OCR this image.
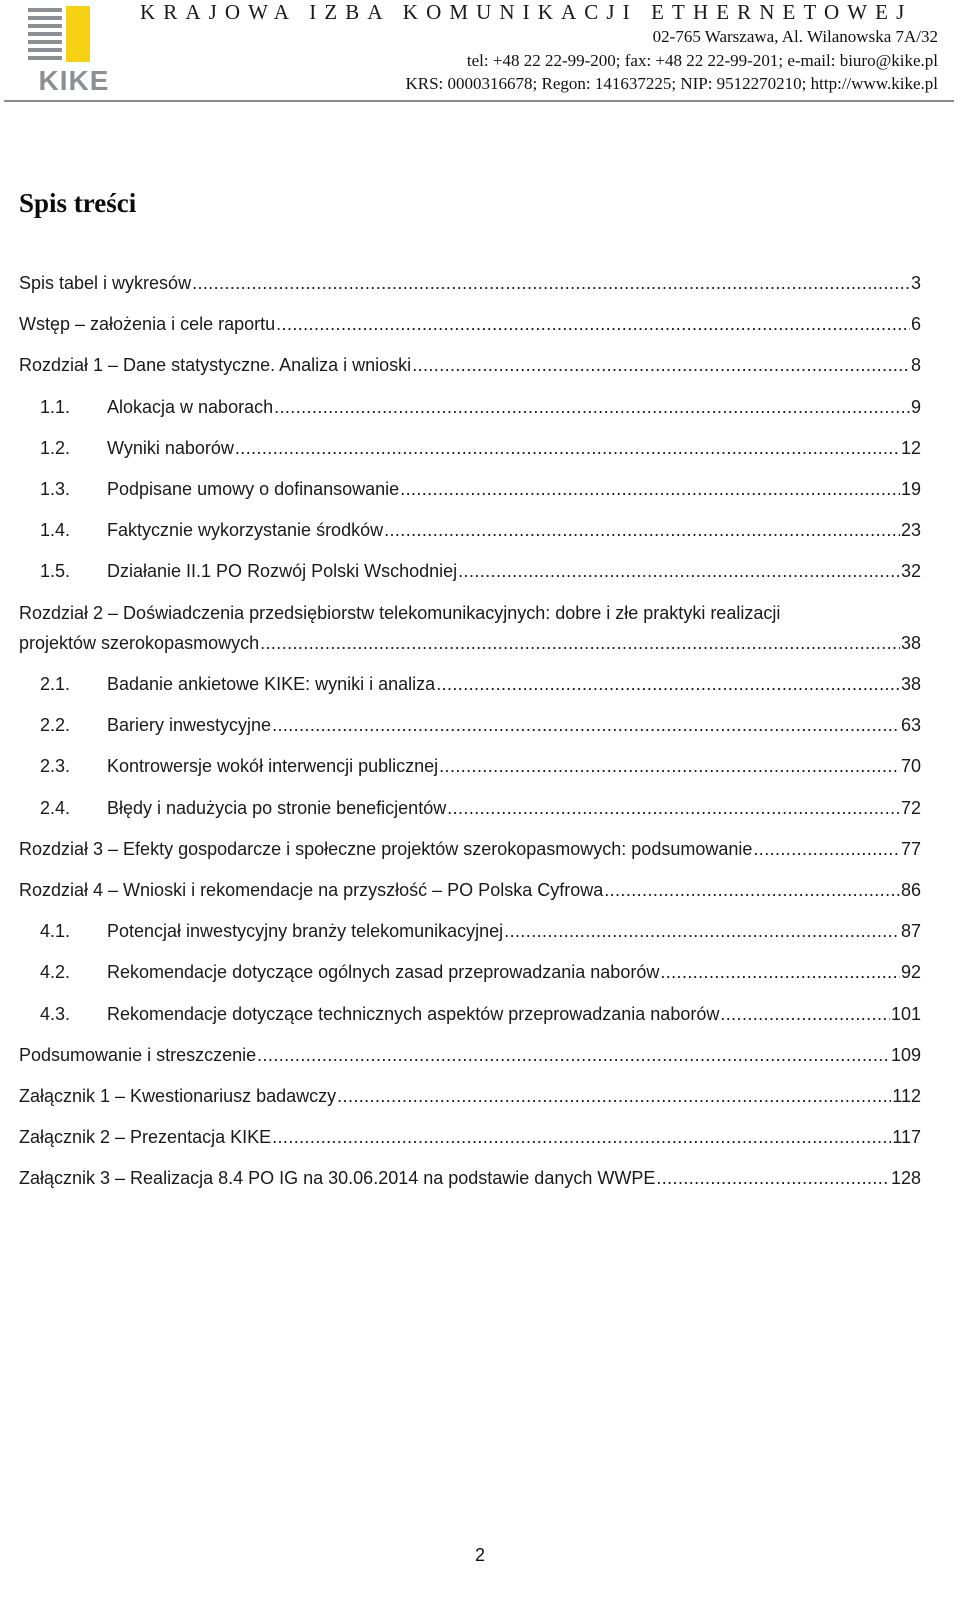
KIKE
KRAJOWA IZBA KOMUNIKACJI ETHERNETOWEJ
02-765 Warszawa, Al. Wilanowska 7A/32
tel: +48 22 22-99-200; fax: +48 22 22-99-201; e-mail: biuro@kike.pl
KRS: 0000316678; Regon: 141637225; NIP: 9512270210; http://www.kike.pl
Spis treści
Spis tabel i wykresów .....	3
Wstęp – założenia i cele raportu .....	6
Rozdział 1 – Dane statystyczne. Analiza i wnioski .....	8
1.1.	Alokacja w naborach .....	9
1.2.	Wyniki naborów .....	12
1.3.	Podpisane umowy o dofinansowanie .....	19
1.4.	Faktycznie wykorzystanie środków .....	23
1.5.	Działanie II.1 PO Rozwój Polski Wschodniej .....	32
Rozdział 2 – Doświadczenia przedsiębiorstw telekomunikacyjnych: dobre i złe praktyki realizacji
projektów szerokopasmowych .....	38
2.1.	Badanie ankietowe KIKE: wyniki i analiza .....	38
2.2.	Bariery inwestycyjne .....	63
2.3.	Kontrowersje wokół interwencji publicznej .....	70
2.4.	Błędy i nadużycia po stronie beneficjentów .....	72
Rozdział 3 – Efekty gospodarcze i społeczne projektów szerokopasmowych: podsumowanie .....	77
Rozdział 4 – Wnioski i rekomendacje na przyszłość – PO Polska Cyfrowa .....	86
4.1.	Potencjał inwestycyjny branży telekomunikacyjnej .....	87
4.2.	Rekomendacje dotyczące ogólnych zasad przeprowadzania naborów .....	92
4.3.	Rekomendacje dotyczące technicznych aspektów przeprowadzania naborów .....	101
Podsumowanie i streszczenie .....	109
Załącznik 1 – Kwestionariusz badawczy .....	112
Załącznik 2 – Prezentacja KIKE .....	117
Załącznik 3 – Realizacja 8.4 PO IG na 30.06.2014 na podstawie danych WWPE .....	128
2
